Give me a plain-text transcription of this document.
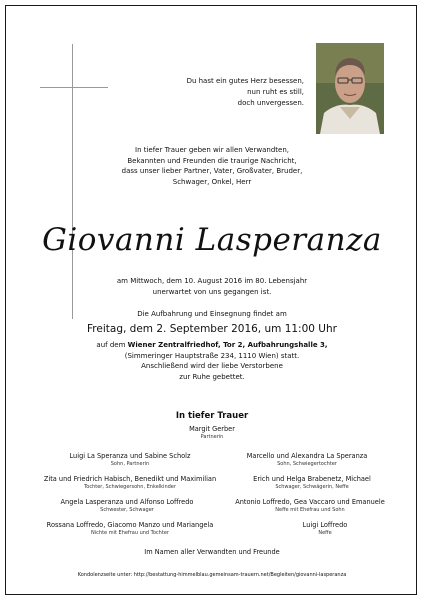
Du hast ein gutes Herz besessen,
nun ruht es still,
doch unvergessen.
In tiefer Trauer geben wir allen Verwandten,
Bekannten und Freunden die traurige Nachricht,
dass unser lieber Partner, Vater, Großvater, Bruder,
Schwager, Onkel, Herr
Giovanni Lasperanza
am Mittwoch, dem 10. August 2016 im 80. Lebensjahr
unerwartet von uns gegangen ist.
Die Aufbahrung und Einsegnung findet am
Freitag, dem 2. September 2016, um 11:00 Uhr
auf dem Wiener Zentralfriedhof, Tor 2, Aufbahrungshalle 3,
(Simmeringer Hauptstraße 234, 1110 Wien) statt.
Anschließend wird der liebe Verstorbene
zur Ruhe gebettet.
In tiefer Trauer
Margit Gerber
Partnerin
Luigi La Speranza und Sabine Scholz
Sohn, Partnerin
Marcello und Alexandra La Speranza
Sohn, Schwiegertochter
Zita und Friedrich Habisch, Benedikt und Maximilian
Tochter, Schwiegersohn, Enkelkinder
Erich und Helga Brabenetz, Michael
Schwager, Schwägerin, Neffe
Angela Lasperanza und Alfonso Loffredo
Schwester, Schwager
Antonio Loffredo, Gea Vaccaro und Emanuele
Neffe mit Ehefrau und Sohn
Rossana Loffredo, Giacomo Manzo und Mariangela
Nichte mit Ehefrau und Tochter
Luigi Loffredo
Neffe
Im Namen aller Verwandten und Freunde
Kondolenzseite unter: http://bestattung-himmelblau.gemeinsam-trauern.net/Begleiten/giovanni-lasperanza
